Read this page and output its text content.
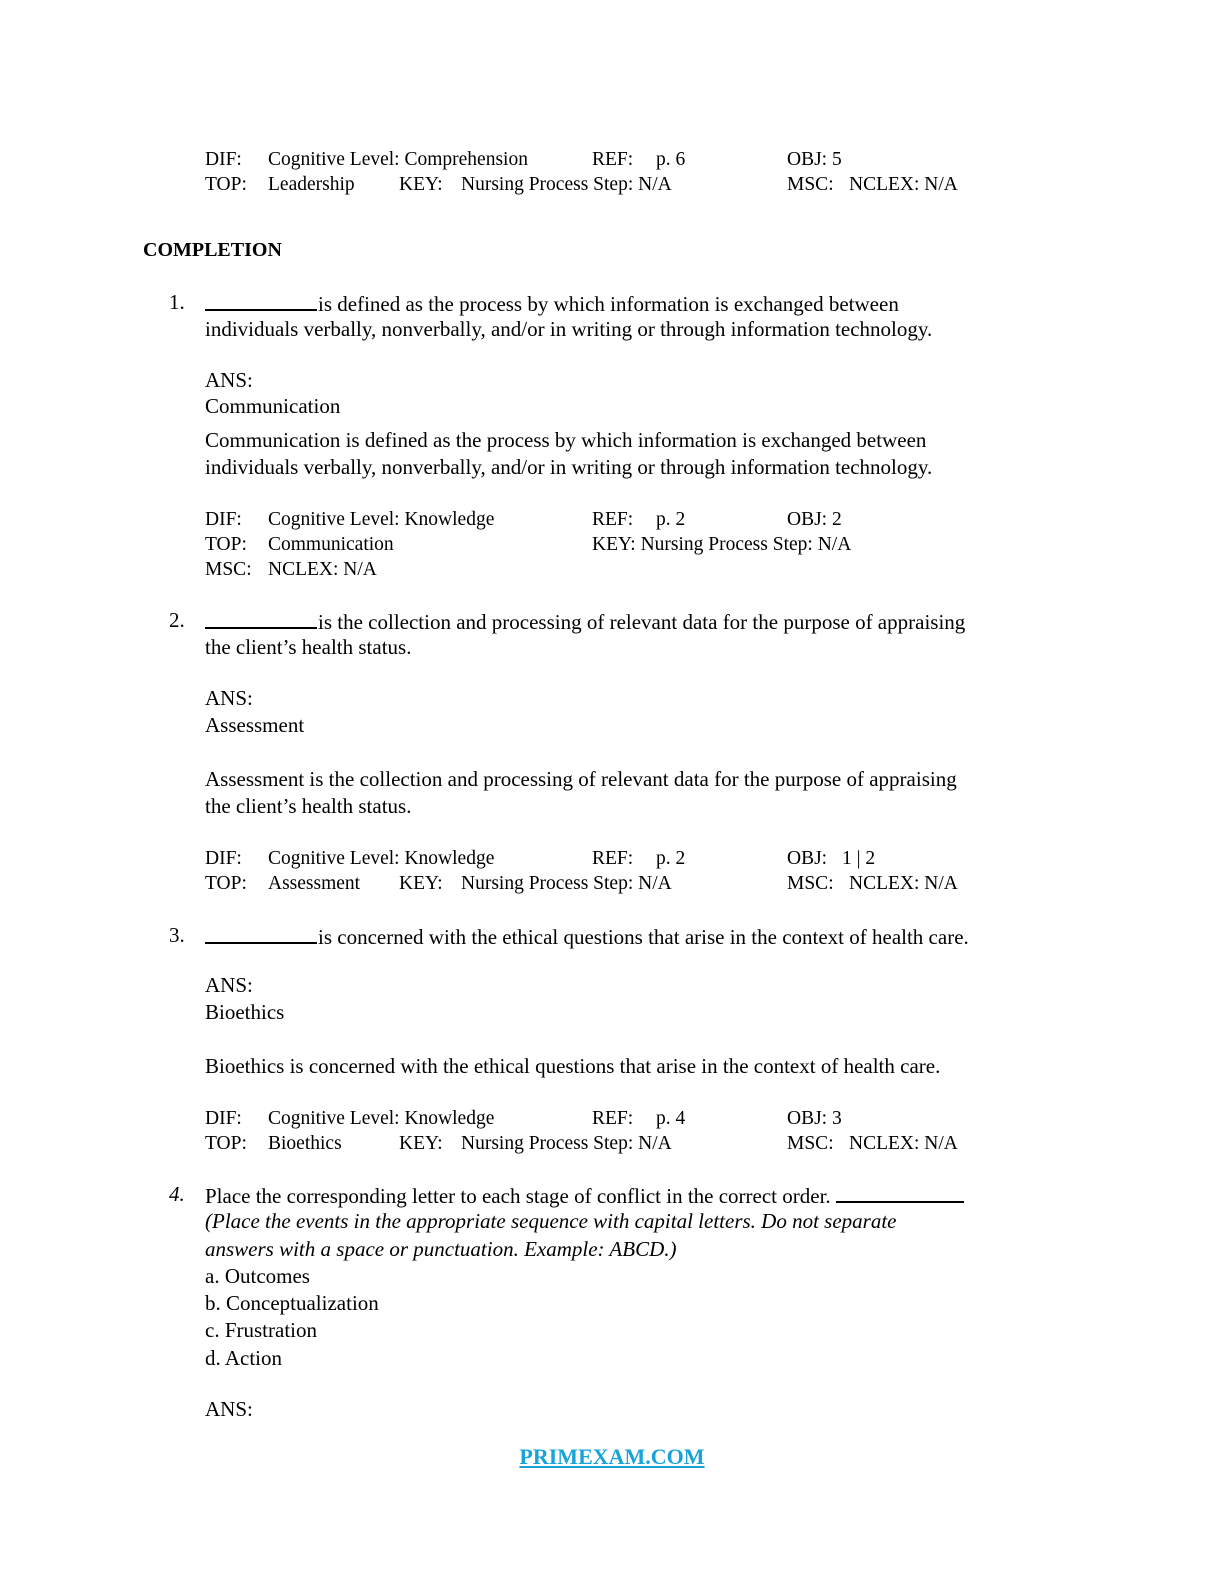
DIF: Cognitive Level: Comprehension	REF: p. 6	OBJ: 5
TOP: Leadership KEY: Nursing Process Step: N/A	MSC: NCLEX: N/A
COMPLETION
1.	is defined as the process by which information is exchanged between
individuals verbally, nonverbally, and/or in writing or through information technology.
ANS:
Communication
Communication is defined as the process by which information is exchanged between
individuals verbally, nonverbally, and/or in writing or through information technology.
DIF: Cognitive Level: Knowledge	REF: p. 2	OBJ: 2
TOP: Communication	KEY: Nursing Process Step: N/A
MSC: NCLEX: N/A
2.	is the collection and processing of relevant data for the purpose of appraising
the client’s health status.
ANS:
Assessment
Assessment is the collection and processing of relevant data for the purpose of appraising
the client’s health status.
DIF: Cognitive Level: Knowledge	REF: p. 2	OBJ: 1 | 2
TOP: Assessment KEY: Nursing Process Step: N/A	MSC: NCLEX: N/A
3.	is concerned with the ethical questions that arise in the context of health care.
ANS:
Bioethics
Bioethics is concerned with the ethical questions that arise in the context of health care.
DIF: Cognitive Level: Knowledge	REF: p. 4	OBJ: 3
TOP: Bioethics	KEY: Nursing Process Step: N/A	MSC: NCLEX: N/A
4. Place the corresponding letter to each stage of conflict in the correct order.
(Place the events in the appropriate sequence with capital letters. Do not separate
answers with a space or punctuation. Example: ABCD.)
a. Outcomes
b. Conceptualization
c. Frustration
d. Action
ANS:
PRIMEXAM.COM
